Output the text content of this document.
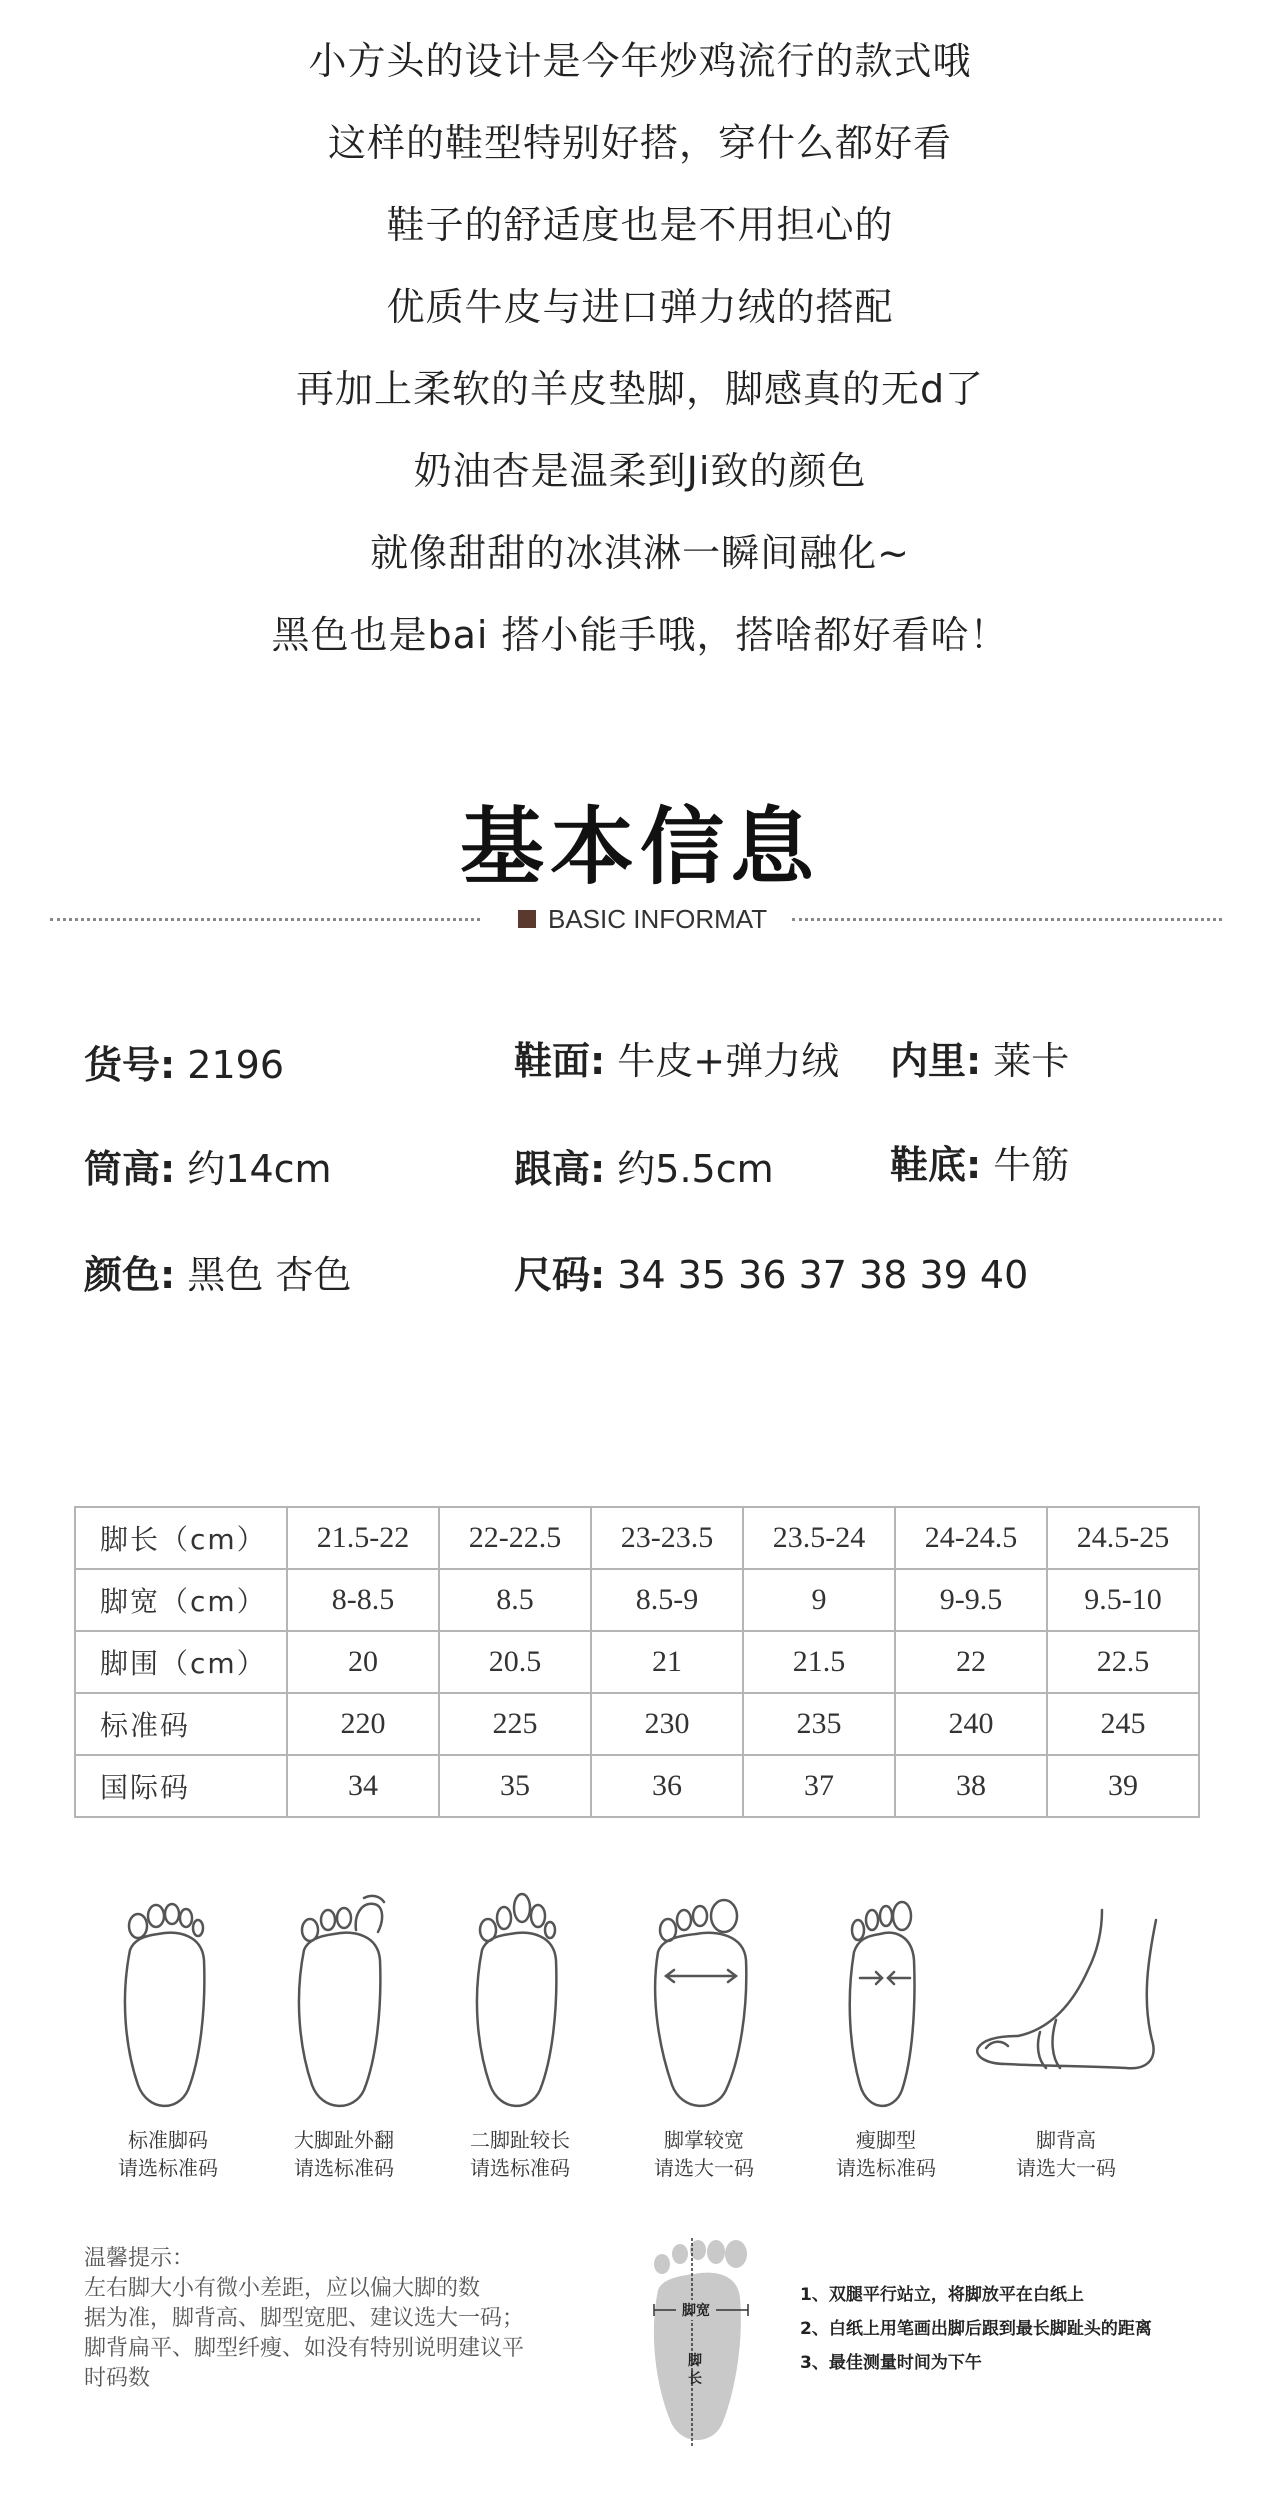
小方头的设计是今年炒鸡流行的款式哦
这样的鞋型特别好搭，穿什么都好看
鞋子的舒适度也是不用担心的
优质牛皮与进口弹力绒的搭配
再加上柔软的羊皮垫脚，脚感真的无d了
奶油杏是温柔到Ji致的颜色
就像甜甜的冰淇淋一瞬间融化~
黑色也是bai 搭小能手哦，搭啥都好看哈！
基本信息
BASIC INFORMAT
货号: 2196	鞋面: 牛皮+弹力绒 内里: 莱卡
筒高: 约14cm	跟高: 约5.5cm	鞋底: 牛筋
颜色: 黑色 杏色	尺码: 34 35 36 37 38 39 40
脚长（cm）	21.5-22	22-22.5	23-23.5	23.5-24	24-24.5	24.5-25
脚宽（cm）	8-8.5	8.5	8.5-9	9	9-9.5	9.5-10
脚围（cm）	20	20.5	21	21.5	22	22.5
标准码	220	225	230	235	240	245
国际码	34	35	36	37	38	39
标准脚码
请选标准码
大脚趾外翻
请选标准码
二脚趾较长
请选标准码
脚掌较宽
请选大一码
瘦脚型
请选标准码
脚背高
请选大一码
温馨提示：
左右脚大小有微小差距，应以偏大脚的数
据为准，脚背高、脚型宽肥、建议选大一码；
脚背扁平、脚型纤瘦、如没有特别说明建议平
时码数
脚宽
脚长
1、双腿平行站立，将脚放平在白纸上
2、白纸上用笔画出脚后跟到最长脚趾头的距离
3、最佳测量时间为下午
